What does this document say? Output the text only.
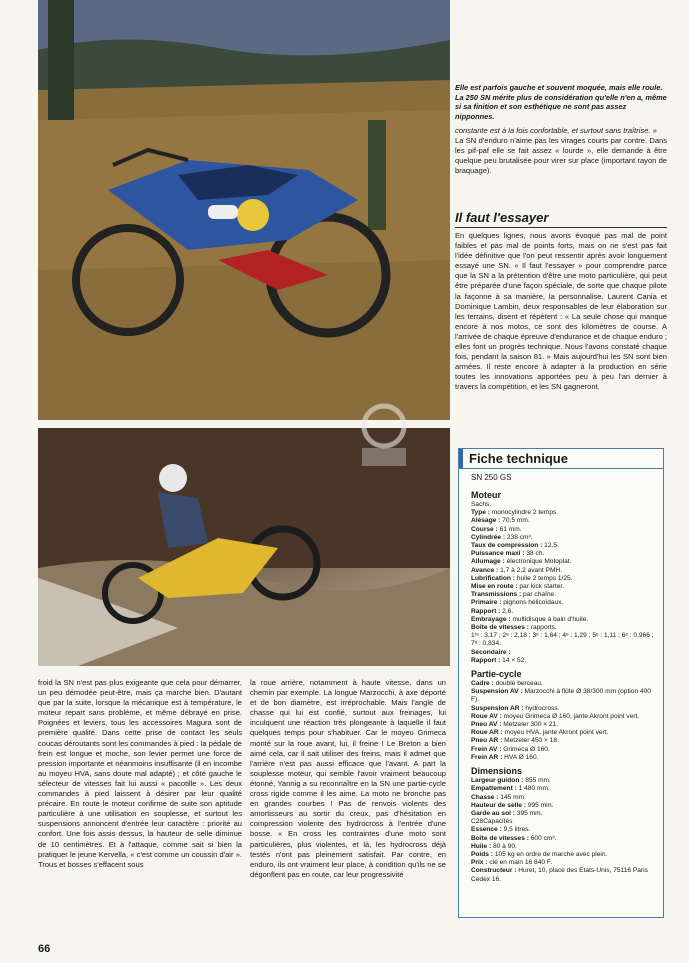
Elle est parfois gauche et souvent moquée, mais elle roule. La 250 SN mérite plus de considération qu'elle n'en a, même si sa finition et son esthétique ne sont pas assez nipponnes.

constante est à la fois confortable, et surtout sans traîtrise. »

La SN d'enduro n'aime pas les virages courts par contre. Dans les pif-paf elle se fait assez « lourde », elle demande à être quelque peu brutalisée pour virer sur place (important rayon de braquage).

Il faut l'essayer

En quelques lignes, nous avons évoqué pas mal de point faibles et pas mal de points forts, mais on ne s'est pas fait l'idée définitive que l'on peut ressentir après avoir longuement essayé une SN. « Il faut l'essayer » pour comprendre parce que la SN a la prétention d'être une moto particulière, qui peut être préparée d'une façon spéciale, de sorte que chaque pilote la façonne à sa manière, la personnalise. Laurent Cania et Dominique Lambin, deux responsables de leur élaboration sur les terrains, disent et répètent : « La seule chose qui manque encore à nos motos, ce sont des kilomètres de course. A l'arrivée de chaque épreuve d'endurance et de chaque enduro ; elles font un progrès technique. Nous l'avons constaté chaque fois, pendant la saison 81. » Mais aujourd'hui les SN sont bien armées. Il reste encore à adapter à la production en série toutes les innovations apportées peu à peu l'an dernier à travers la compétition, et les SN gagneront.

froid la SN n'est pas plus exigeante que cela pour démarrer, un peu démodée peut-être, mais ça marche bien. D'autant que par la suite, lorsque la mécanique est à température, le moteur repart sans problème, et même débrayé en prise. Poignées et leviers, tous les accessoires Magura sont de première qualité. Dans cette prise de contact les seuls coucas déroutants sont les commandes à pied : la pédale de frein est longue et moche, son levier permet une force de pression importante et néanmoins insuffisante (il en incombe au moyeu HVA, sans doute mal adapté) ; et côté gauche le sélecteur de vitesses fait lui aussi « pacotille ». Les deux commandes à pied laissent à désirer par leur qualité précaire. En route le moteur confirme de suite son aptitude particulière à une utilisation en souplesse, et surtout les suspensions annoncent d'entrée leur caractère : priorité au confort. Une fois assis dessus, la hauteur de selle diminue de 10 centimètres. Et à l'attaque, comme sait si bien la pratiquer le jeune Kervella, « c'est comme un coussin d'air ». Trous et bosses s'effacent sous

la roue arrière, notamment à haute vitesse, dans un chemin par exemple. La longue Marzocchi, à axe déporté et de bon diamètre, est irréprochable. Mais l'angle de chasse qui lui est confié, surtout aux freinages, lui inculquent une réaction très plongeante à laquelle il faut quelques temps pour s'habituer. Car le moyeu Grimeca monté sur la roue avant, lui, il freine ! Le Breton a bien aimé cela, car il sait utiliser des freins, mais il admet que l'arrière n'est pas aussi efficace que l'avant. A part la souplesse moteur, qui semble l'avoir vraiment beaucoup étonné, Yannig a su reconnaître en la SN une partie-cycle cross rigide comme il les aime. La moto ne bronche pas en grandes courbes ! Pas de renvois violents des amortisseurs au sortir du creux, pas d'hésitation en compression violente des hydrocross à l'entrée d'une bosse. « En cross les contraintes d'une moto sont particulières, plus violentes, et là, les hydrocross déjà testés n'ont pas pleinement satisfait. Par contre, en enduro, ils ont vraiment leur place, à condition qu'ils ne se dégonflent pas en route, car leur progressivité

Fiche technique
SN 250 GS
Moteur
Sachs.
Type : monocylindre 2 temps.
Alésage : 70,5 mm.
Course : 61 mm.
Cylindrée : 238 cm³.
Taux de compression : 12,5.
Puissance maxi : 38 ch.
Allumage : électronique Motoplat.
Avance : 1,7 à 2,2 avant PMH.
Lubrification : huile 2 temps 1/25.
Mise en route : par kick starter.
Transmissions : par chaîne.
Primaire : pignons hélicoïdaux.
Rapport : 2,6.
Embrayage : multidisque à bain d'huile.
Boîte de vitesses : rapports.
1ʳᵉ : 3,17 ; 2ᵉ : 2,18 ; 3ᵉ : 1,64 ; 4ᵉ : 1,29 ; 5ᵉ : 1,11 ; 6ᵉ : 0,966 ; 7ᵉ : 0,834.
Secondaire :
Rapport : 14 × 52.
Partie-cycle
Cadre : double berceau.
Suspension AV : Marzocchi à flûte Ø 38/300 mm (option 400 F).
Suspension AR : hydrocross.
Roue AV : moyeu Grimeca Ø 160, jante Akront point vert.
Pneu AV : Metzeler 300 × 21.
Roue AR : moyeu HVA, jante Akront point vert.
Pneu AR : Metzeler 450 × 18.
Frein AV : Grimeca Ø 160.
Frein AR : HVA Ø 160.
Dimensions
Largeur guidon : 855 mm.
Empattement : 1 480 mm.
Chasse : 145 mm.
Hauteur de selle : 995 mm.
Garde au sol : 395 mm.
C28Capacités
Essence : 9,5 litres.
Boîte de vitesses : 600 cm³.
Huile : 80 à 90.
Poids : 105 kg en ordre de marche avec plein.
Prix : clé en main 16 840 F.
Constructeur : Huret, 10, place des Etats-Unis, 75116 Paris Cedex 16.
66
